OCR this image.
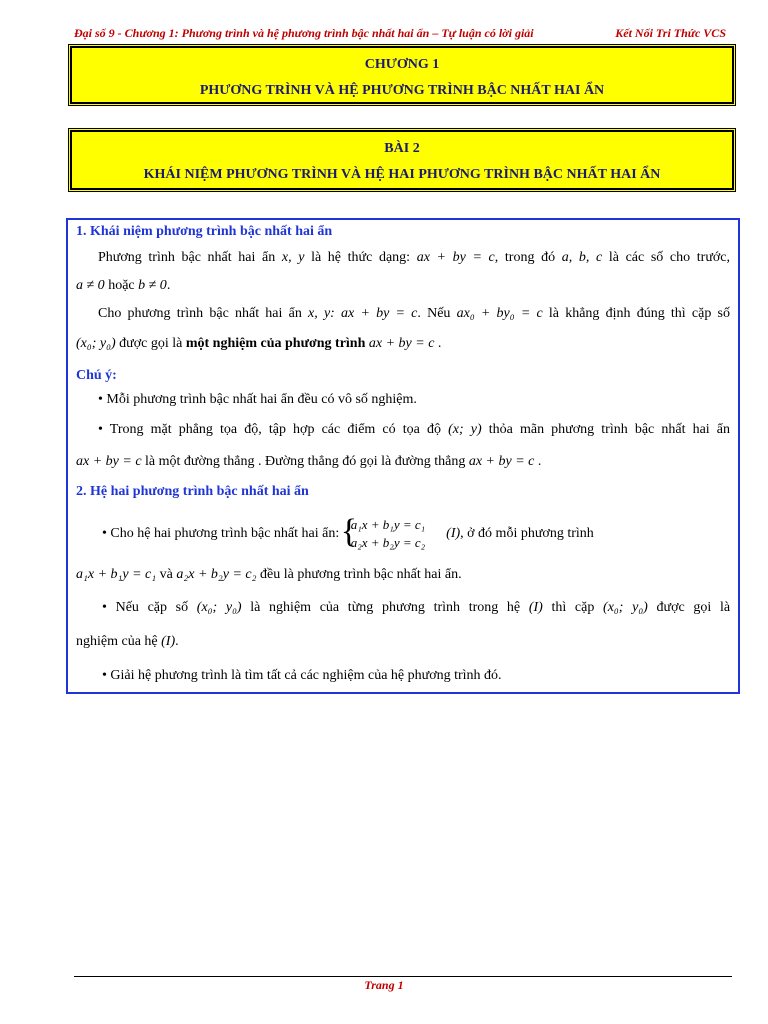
Đại số 9 - Chương 1: Phương trình và hệ phương trình bậc nhất hai ẩn – Tự luận có lời giải	Kết Nối Tri Thức VCS
CHƯƠNG 1
PHƯƠNG TRÌNH VÀ HỆ PHƯƠNG TRÌNH BẬC NHẤT HAI ẨN
BÀI 2
KHÁI NIỆM PHƯƠNG TRÌNH VÀ HỆ HAI PHƯƠNG TRÌNH BẬC NHẤT HAI ẨN

1. Khái niệm phương trình bậc nhất hai ẩn

Phương trình bậc nhất hai ẩn x, y là hệ thức dạng: ax + by = c, trong đó a, b, c là các số cho trước,

a ≠ 0 hoặc b ≠ 0.

Cho phương trình bậc nhất hai ẩn x, y: ax + by = c. Nếu ax₀ + by₀ = c là khẳng định đúng thì cặp số

(x₀; y₀) được gọi là một nghiệm của phương trình ax + by = c .

Chú ý:

• Mỗi phương trình bậc nhất hai ẩn đều có vô số nghiệm.

• Trong mặt phẳng tọa độ, tập hợp các điểm có tọa độ (x; y) thỏa mãn phương trình bậc nhất hai ẩn

ax + by = c là một đường thẳng . Đường thẳng đó gọi là đường thẳng ax + by = c .

2. Hệ hai phương trình bậc nhất hai ẩn

• Cho hệ hai phương trình bậc nhất hai ẩn: {
a₁x + b₁y = c₁
a₂x + b₂y = c₂      (I), ở đó mỗi phương trình

a₁x + b₁y = c₁ và a₂x + b₂y = c₂ đều là phương trình bậc nhất hai ẩn.

• Nếu cặp số (x₀; y₀) là nghiệm của từng phương trình trong hệ (I) thì cặp (x₀; y₀) được gọi là

nghiệm của hệ (I).

• Giải hệ phương trình là tìm tất cả các nghiệm của hệ phương trình đó.

Trang 1
